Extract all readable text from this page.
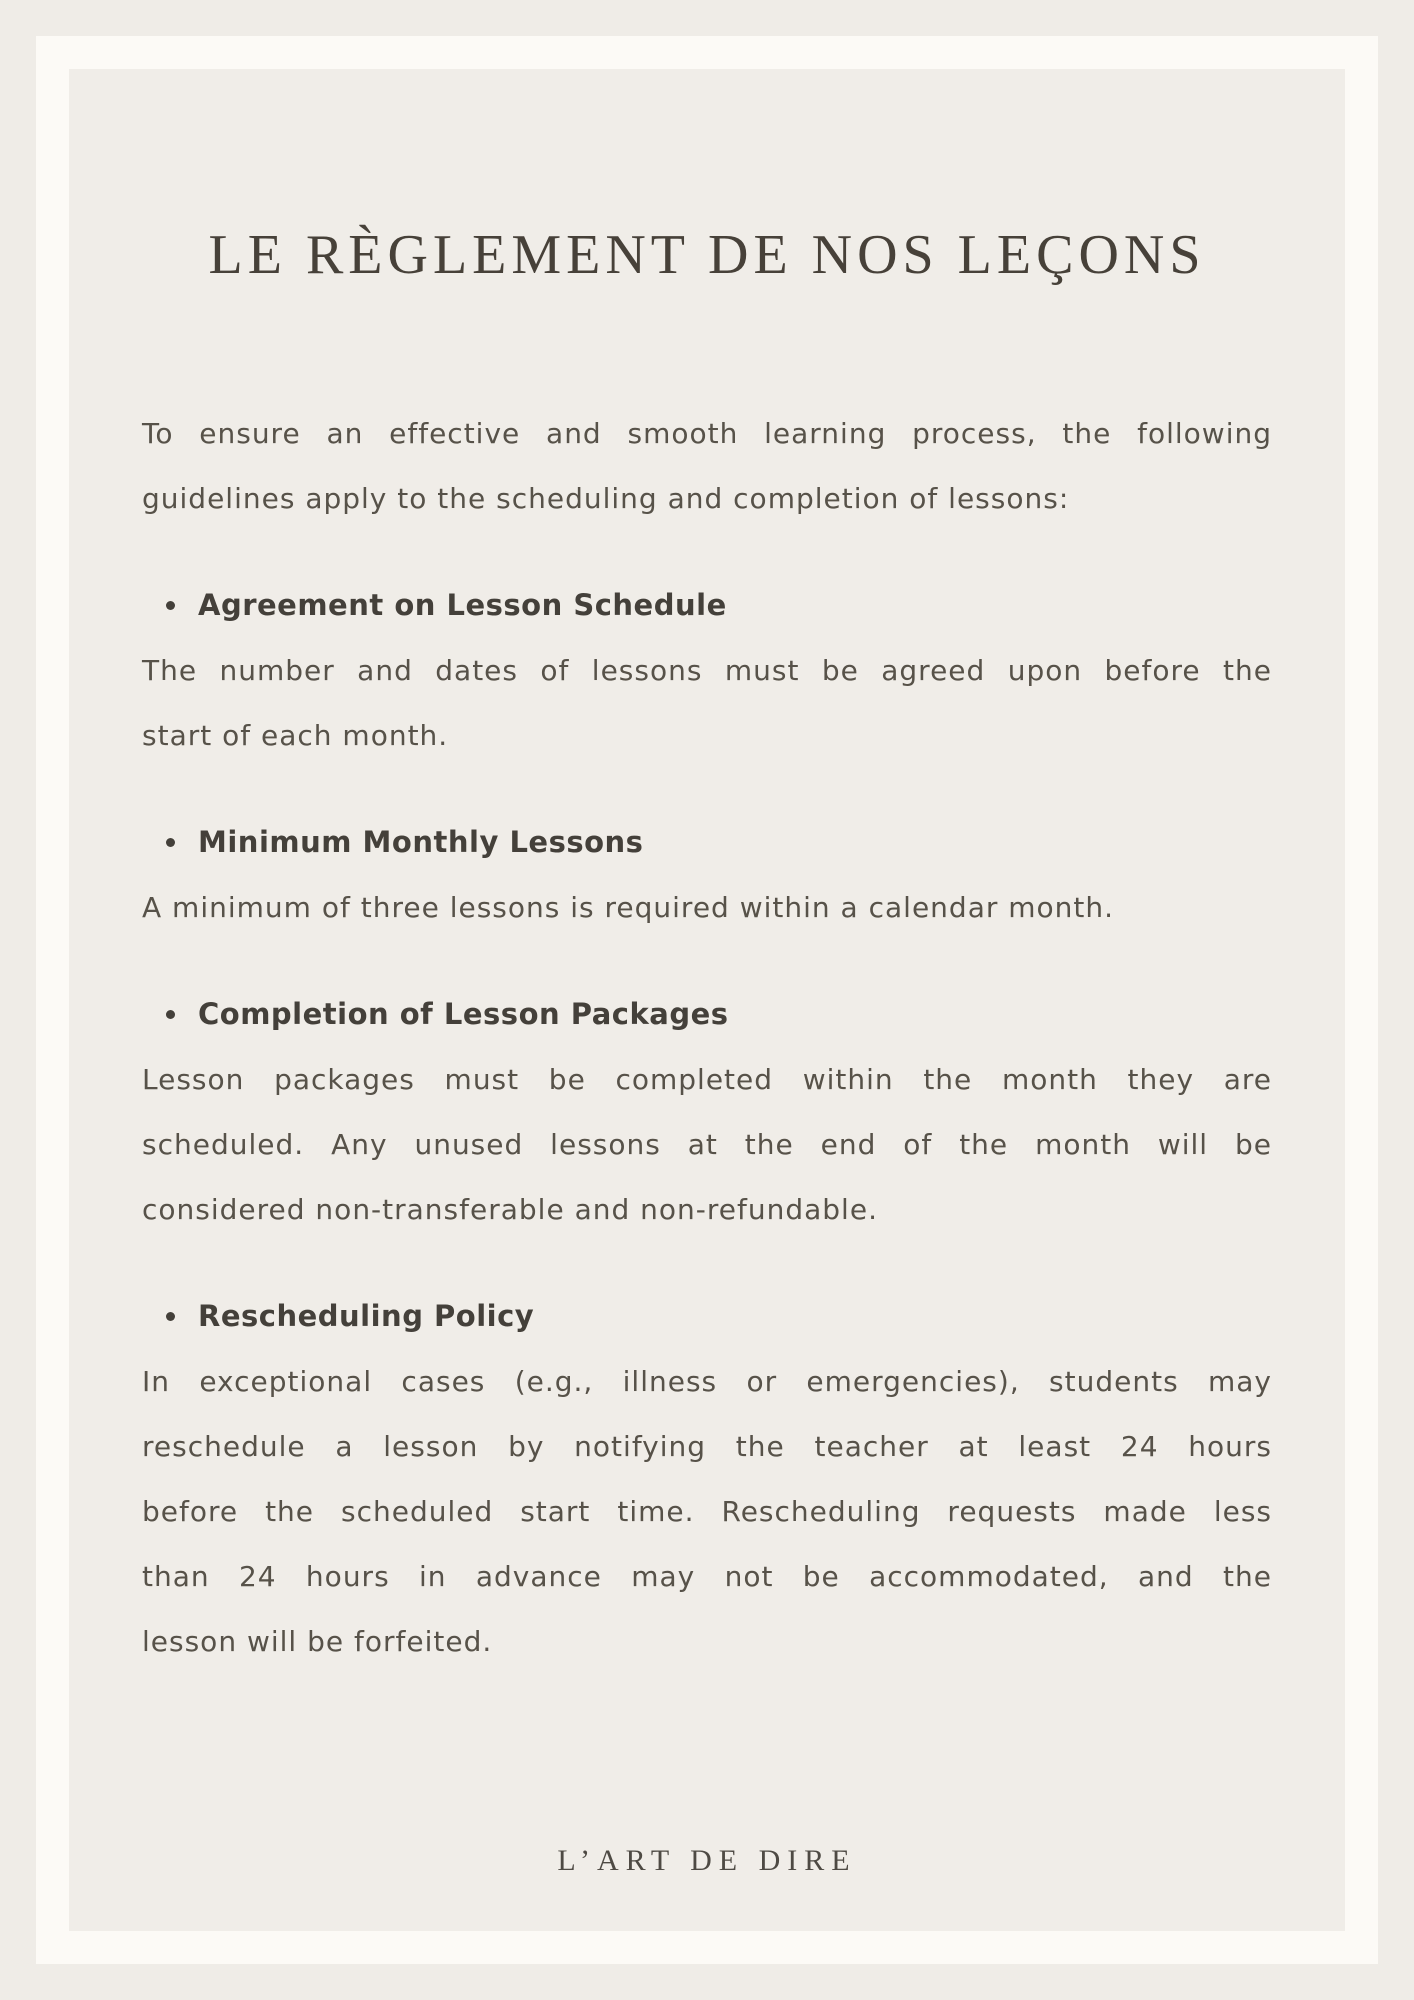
LE RÈGLEMENT DE NOS LEÇONS
To ensure an effective and smooth learning process, the following
guidelines apply to the scheduling and completion of lessons:
Agreement on Lesson Schedule
The number and dates of lessons must be agreed upon before the
start of each month.
Minimum Monthly Lessons
A minimum of three lessons is required within a calendar month.
Completion of Lesson Packages
Lesson packages must be completed within the month they are
scheduled. Any unused lessons at the end of the month will be
considered non-transferable and non-refundable.
Rescheduling Policy
In exceptional cases (e.g., illness or emergencies), students may
reschedule a lesson by notifying the teacher at least 24 hours
before the scheduled start time. Rescheduling requests made less
than 24 hours in advance may not be accommodated, and the
lesson will be forfeited.
L’ART DE DIRE
